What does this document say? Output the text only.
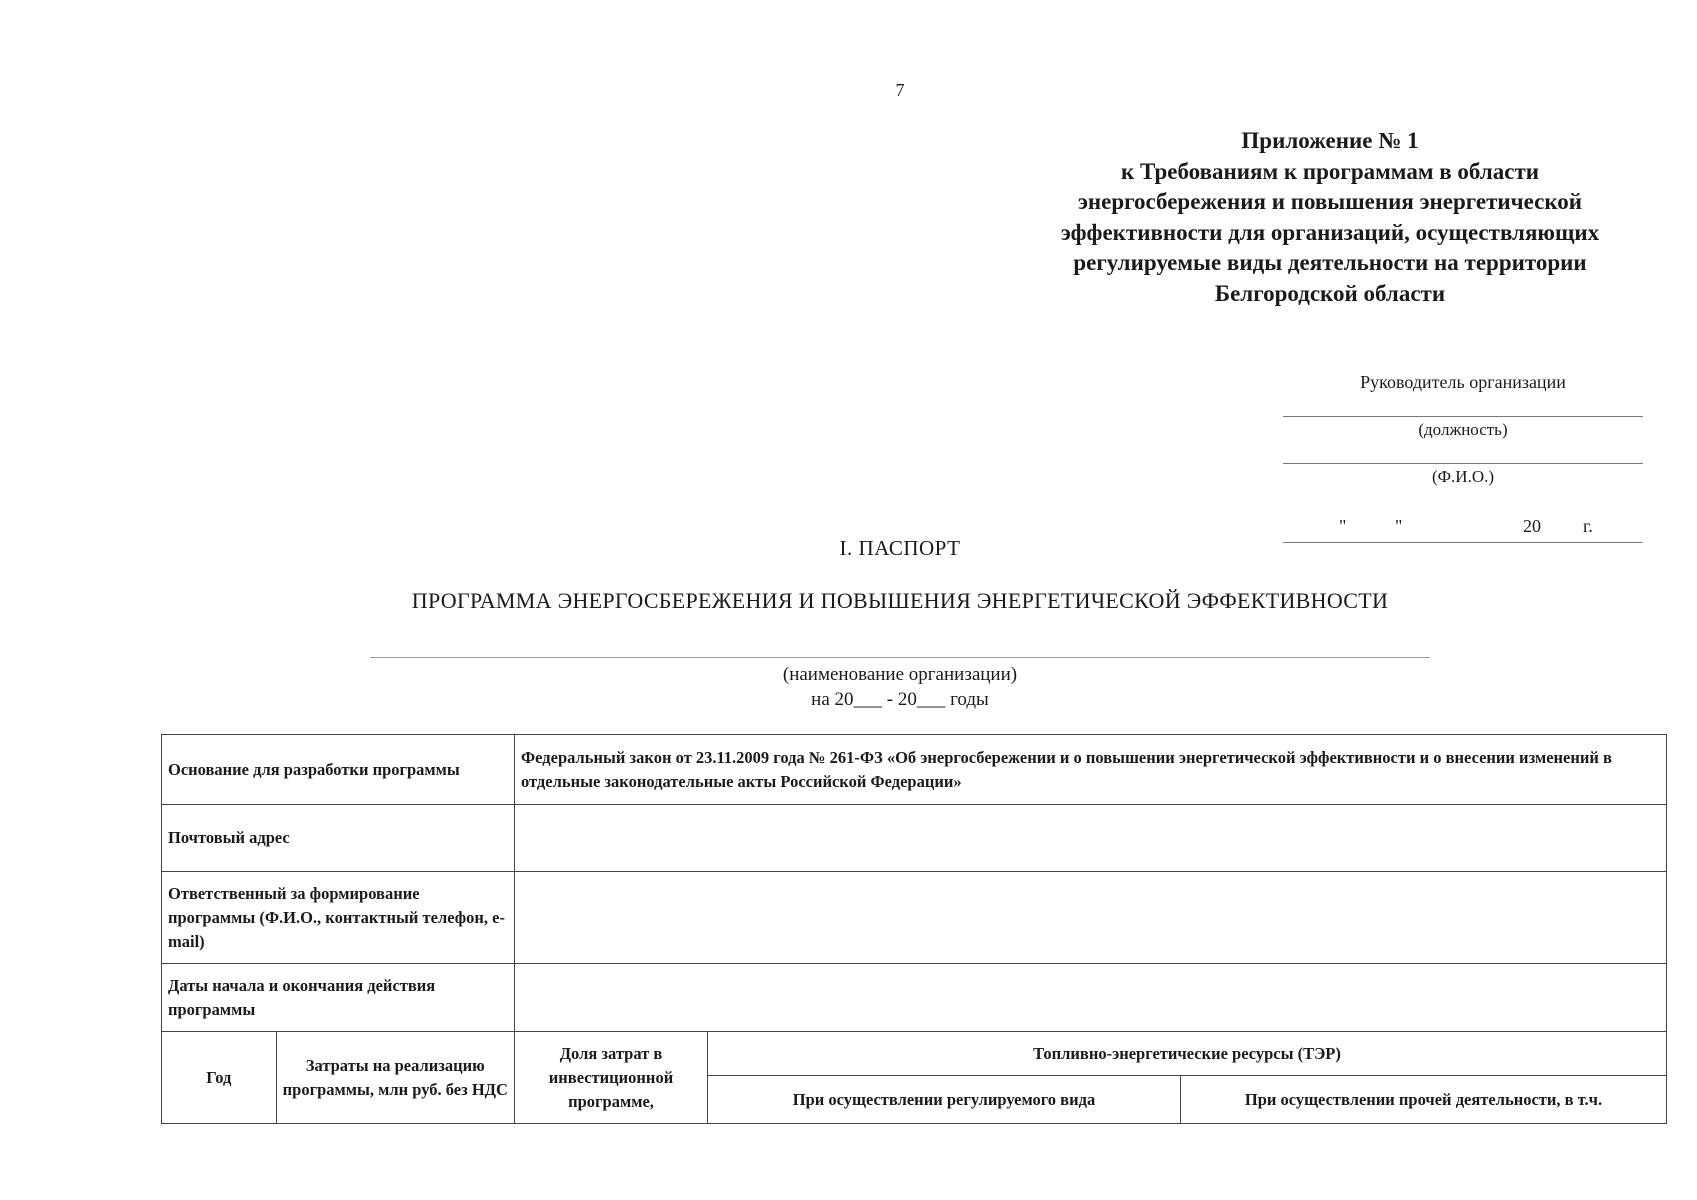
7
Приложение № 1
к Требованиям к программам в области
энергосбережения и повышения энергетической
эффективности для организаций, осуществляющих
регулируемые виды деятельности на территории
Белгородской области
Руководитель организации
(должность)
(Ф.И.О.)
"	"	20 г.
I. ПАСПОРТ
ПРОГРАММА ЭНЕРГОСБЕРЕЖЕНИЯ И ПОВЫШЕНИЯ ЭНЕРГЕТИЧЕСКОЙ ЭФФЕКТИВНОСТИ
(наименование организации)
на 20___ - 20___ годы
Основание для разработки программы		Федеральный закон от 23.11.2009 года № 261-ФЗ «Об энергосбережении и о повышении энергетической эффективности и о внесении изменений в отдельные законодательные акты Российской Федерации»		
Почтовый адрес				
Ответственный за формирование программы (Ф.И.О., контактный телефон, e-mail)				
Даты начала и окончания действия программы				
Год	Затраты на реализацию программы, млн руб. без НДС	Доля затрат в инвестиционной программе,	Топливно-энергетические ресурсы (ТЭР)	
			При осуществлении регулируемого вида	При осуществлении прочей деятельности, в т.ч.
